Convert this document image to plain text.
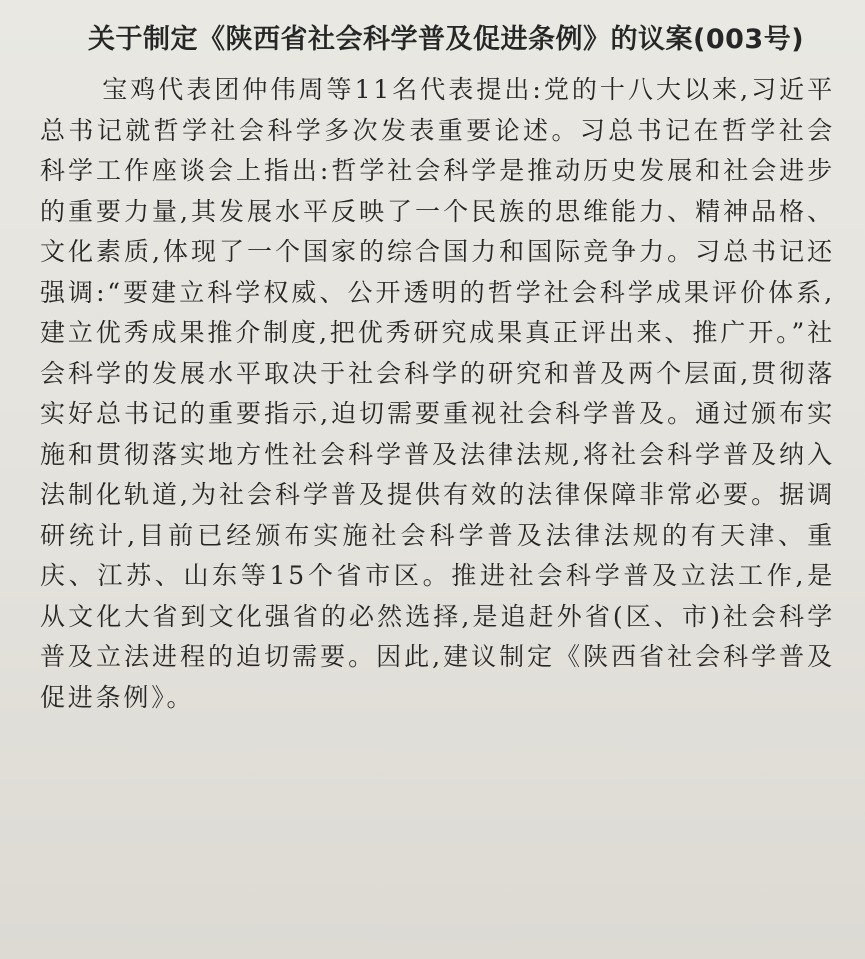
关于制定《陕西省社会科学普及促进条例》的议案(003号)
宝鸡代表团仲伟周等11名代表提出:党的十八大以来,习近平总书记就哲学社会科学多次发表重要论述。习总书记在哲学社会科学工作座谈会上指出:哲学社会科学是推动历史发展和社会进步的重要力量,其发展水平反映了一个民族的思维能力、精神品格、文化素质,体现了一个国家的综合国力和国际竞争力。习总书记还强调:“要建立科学权威、公开透明的哲学社会科学成果评价体系,建立优秀成果推介制度,把优秀研究成果真正评出来、推广开。”社会科学的发展水平取决于社会科学的研究和普及两个层面,贯彻落实好总书记的重要指示,迫切需要重视社会科学普及。通过颁布实施和贯彻落实地方性社会科学普及法律法规,将社会科学普及纳入法制化轨道,为社会科学普及提供有效的法律保障非常必要。据调研统计,目前已经颁布实施社会科学普及法律法规的有天津、重庆、江苏、山东等15个省市区。推进社会科学普及立法工作,是从文化大省到文化强省的必然选择,是追赶外省(区、市)社会科学普及立法进程的迫切需要。因此,建议制定《陕西省社会科学普及促进条例》。
